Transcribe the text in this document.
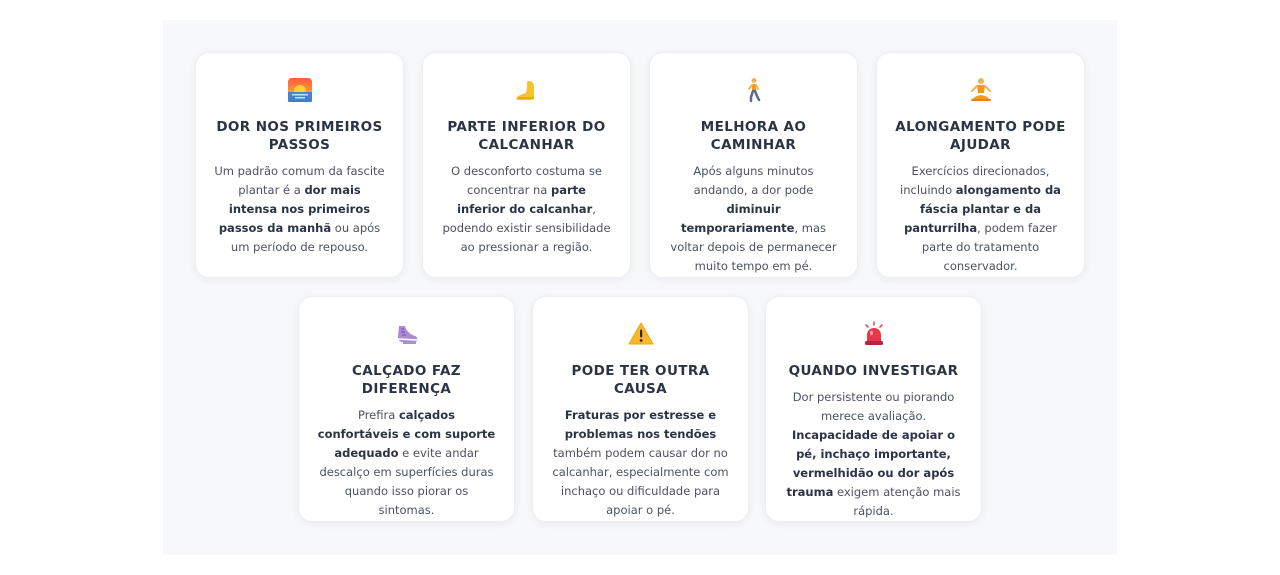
DOR NOS PRIMEIROS PASSOS
Um padrão comum da fascite plantar é a dor mais intensa nos primeiros passos da manhã ou após um período de repouso.
PARTE INFERIOR DO CALCANHAR
O desconforto costuma se concentrar na parte inferior do calcanhar, podendo existir sensibilidade ao pressionar a região.
MELHORA AO CAMINHAR
Após alguns minutos andando, a dor pode diminuir temporariamente, mas voltar depois de permanecer muito tempo em pé.
ALONGAMENTO PODE AJUDAR
Exercícios direcionados, incluindo alongamento da fáscia plantar e da panturrilha, podem fazer parte do tratamento conservador.
CALÇADO FAZ DIFERENÇA
Prefira calçados confortáveis e com suporte adequado e evite andar descalço em superfícies duras quando isso piorar os sintomas.
PODE TER OUTRA CAUSA
Fraturas por estresse e problemas nos tendões também podem causar dor no calcanhar, especialmente com inchaço ou dificuldade para apoiar o pé.
QUANDO INVESTIGAR
Dor persistente ou piorando merece avaliação. Incapacidade de apoiar o pé, inchaço importante, vermelhidão ou dor após trauma exigem atenção mais rápida.
